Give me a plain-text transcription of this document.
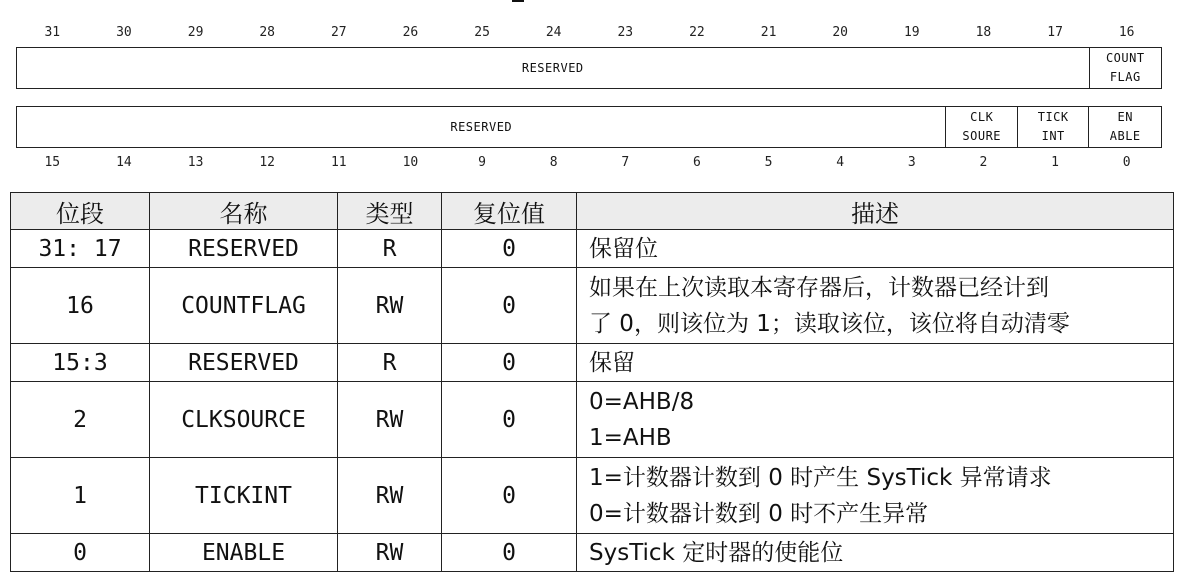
31	30	29	28	27	26	25	24	23	22	21	20	19	18	17	16
RESERVED
COUNT
FLAG
RESERVED
CLK
SOURE
TICK
INT
EN
ABLE
15	14	13	12	11	10	9	8	7	6	5	4	3	2	1	0
位段	名称	类型	复位值	描述
31: 17	RESERVED	R	0	保留位
16	COUNTFLAG	RW	0	如果在上次读取本寄存器后，计数器已经计到
了 0，则该位为 1；读取该位，该位将自动清零
15:3	RESERVED	R	0	保留
2	CLKSOURCE	RW	0	0=AHB/8
1=AHB
1	TICKINT	RW	0	1=计数器计数到 0 时产生 SysTick 异常请求
0=计数器计数到 0 时不产生异常
0	ENABLE	RW	0	SysTick 定时器的使能位
